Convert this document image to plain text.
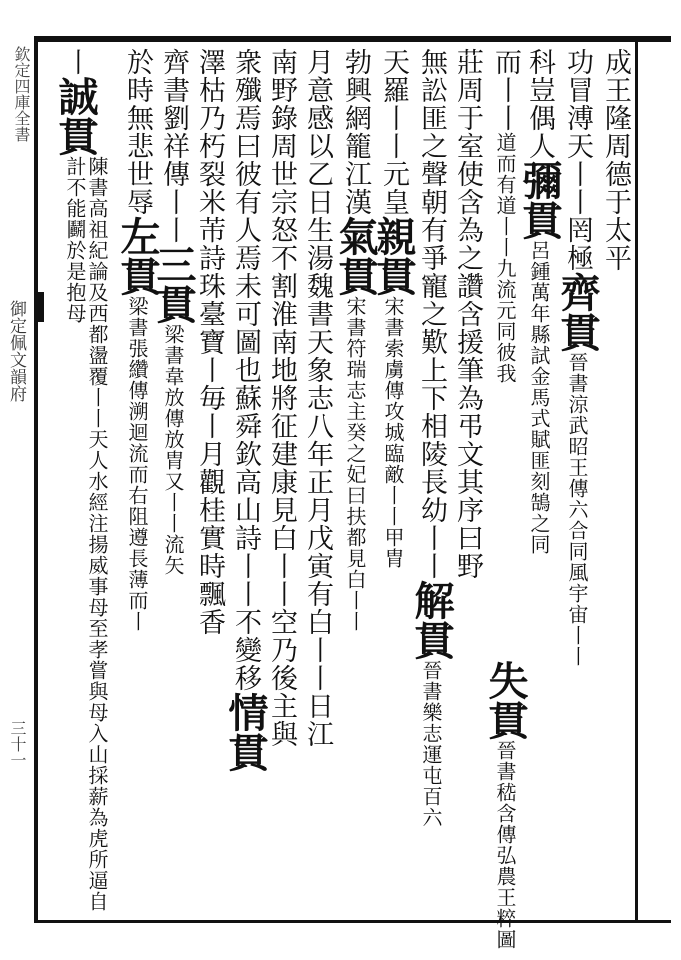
欽定四庫全書
御定佩文韻府
三十一
成王隆周德于太平
功冒溥天丨丨罔極齊貫晉書涼武昭王傳六合同風宇宙丨丨
科豈偶人彌貫呂鍾萬年縣試金馬式賦匪刻鵠之同
而丨丨道而有道丨丨九流元同彼我
失貫晉書嵇含傳弘農王粹圖
莊周于室使含為之讚含援筆為弔文其序曰野
無訟匪之聲朝有爭寵之歎上下相陵長幼丨丨解貫晉書樂志運屯百六
天羅丨丨元皇親貫宋書索虜傳攻城臨敵丨丨甲胄
勃興網籠江漢氣貫宋書符瑞志主癸之妃曰扶都見白丨丨
月意感以乙日生湯魏書天象志八年正月戊寅有白丨丨日江
南野錄周世宗怒不割淮南地將征建康見白丨丨空乃後主與
衆殲焉曰彼有人焉未可圖也蘇舜欽高山詩丨丨不變移情貫
澤枯乃朽裂米芾詩珠臺寶丨毎丨月觀桂實時飄香
齊書劉祥傳丨丨三貫梁書韋放傳放胄又丨丨流矢
於時無悲世辱左貫梁書張纘傳溯迴流而右阻遵長薄而丨
丨誠貫陳書高祖紀論及西都盪覆丨丨天人水經注揚威事母至孝嘗與母入山採薪為虎所逼自計不能鬬於是抱母
